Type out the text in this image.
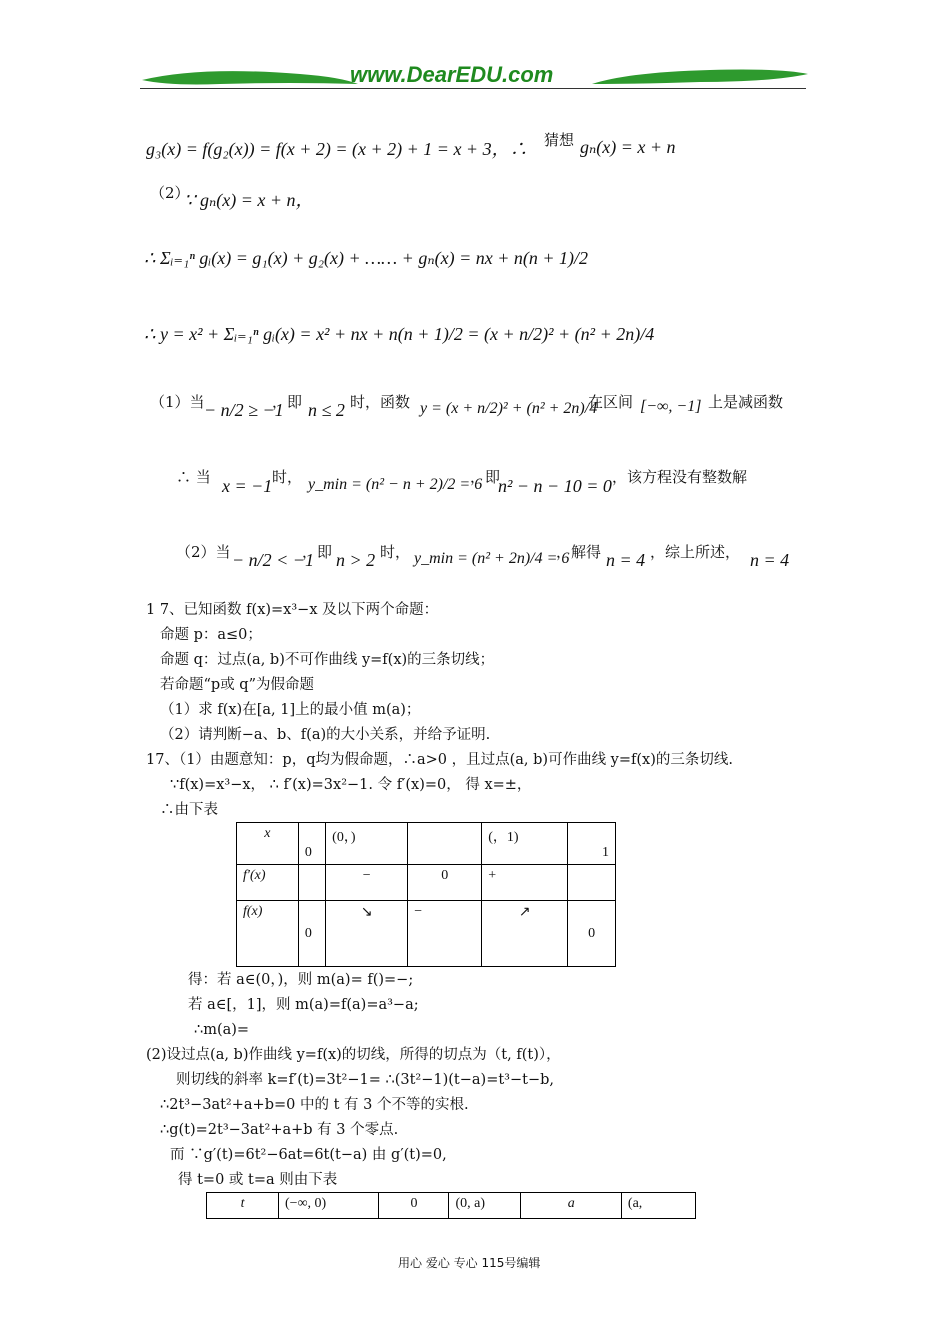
www.DearEDU.com
g₃(x) = f(g₂(x)) = f(x + 2) = (x + 2) + 1 = x + 3，∴ 猜想 gₙ(x) = x + n
（2）
∵ gₙ(x) = x + n，
∴ Σᵢ₌₁ⁿ gᵢ(x) = g₁(x) + g₂(x) + …… + gₙ(x) = nx + n(n + 1)/2
∴ y = x² + Σᵢ₌₁ⁿ gᵢ(x) = x² + nx + n(n + 1)/2 = (x + n/2)² + (n² + 2n)/4
（1）当 − n/2 ≥ −1
，即 n ≤ 2 时，函数 y = (x + n/2)² + (n² + 2n)/4
在区间 [−∞, −1] 上是减函数
∴ 当 x = −1 时， y_min = (n² − n + 2)/2 = 6
，即
n² − n − 10 = 0 ，该方程没有整数解
（2）当 − n/2 < −1
，即 n > 2 时， y_min = (n² + 2n)/4 = 6
，解得 n = 4 ，综上所述， n = 4
1 7、已知函数 f(x)=x³−x 及以下两个命题：
命题 p：a≤0；
命题 q：过点(a, b)不可作曲线 y=f(x)的三条切线；
若命题“p或 q”为假命题
（1）求 f(x)在[a, 1]上的最小值 m(a)；
（2）请判断−a、b、f(a)的大小关系，并给予证明.
17、（1）由题意知：p，q均为假命题，∴a>0 ，且过点(a, b)可作曲线 y=f(x)的三条切线.
∵f(x)=x³−x， ∴ f′(x)=3x²−1. 令 f′(x)=0， 得 x=±，
∴由下表
x	0	(0，)		(，1)	1
f′(x)		−	0	+	
f(x)	0	↘	−	↗	0
得：若 a∈(0，)，则 m(a)= f()=−;
若 a∈[，1]，则 m(a)=f(a)=a³−a;
∴m(a)=
(2)设过点(a, b)作曲线 y=f(x)的切线，所得的切点为（t, f(t)），
则切线的斜率 k=f′(t)=3t²−1= ∴(3t²−1)(t−a)=t³−t−b,
∴2t³−3at²+a+b=0 中的 t 有 3 个不等的实根.
∴g(t)=2t³−3at²+a+b 有 3 个零点.
而 ∵g′(t)=6t²−6at=6t(t−a) 由 g′(t)=0,
得 t=0 或 t=a 则由下表
t	(−∞, 0)	0	(0, a)	a	(a,
用心 爱心 专心 115号编辑
